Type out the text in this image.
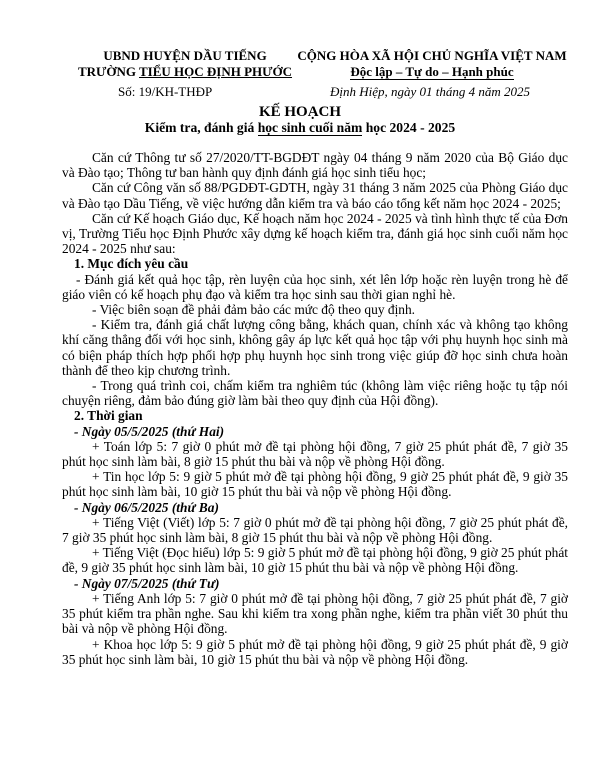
UBND HUYỆN DẦU TIẾNG
TRƯỜNG TIỂU HỌC ĐỊNH PHƯỚC
CỘNG HÒA XÃ HỘI CHỦ NGHĨA VIỆT NAM
Độc lập – Tự do – Hạnh phúc
Số: 19/KH-THĐP	Định Hiệp, ngày 01 tháng 4 năm 2025
KẾ HOẠCH
Kiểm tra, đánh giá học sinh cuối năm học 2024 - 2025

Căn cứ Thông tư số 27/2020/TT-BGDĐT ngày 04 tháng 9 năm 2020 của Bộ Giáo dục và Đào tạo; Thông tư ban hành quy định đánh giá học sinh tiểu học;

Căn cứ Công văn số 88/PGDĐT-GDTH, ngày 31 tháng 3 năm 2025 của Phòng Giáo dục và Đào tạo Dầu Tiếng, về việc hướng dẫn kiểm tra và báo cáo tổng kết năm học 2024 - 2025;

Căn cứ Kế hoạch Giáo dục, Kế hoạch năm học 2024 - 2025 và tình hình thực tế của Đơn vị, Trường Tiểu học Định Phước xây dựng kế hoạch kiểm tra, đánh giá học sinh cuối năm học 2024 - 2025 như sau:

1. Mục đích yêu cầu

- Đánh giá kết quả học tập, rèn luyện của học sinh, xét lên lớp hoặc rèn luyện trong hè để giáo viên có kế hoạch phụ đạo và kiểm tra học sinh sau thời gian nghỉ hè.

- Việc biên soạn đề phải đảm bảo các mức độ theo quy định.

- Kiểm tra, đánh giá chất lượng công bằng, khách quan, chính xác và không tạo không khí căng thẳng đối với học sinh, không gây áp lực kết quả học tập với phụ huynh học sinh mà có biện pháp thích hợp phối hợp phụ huynh học sinh trong việc giúp đỡ học sinh chưa hoàn thành để theo kịp chương trình.

- Trong quá trình coi, chấm kiểm tra nghiêm túc (không làm việc riêng hoặc tụ tập nói chuyện riêng, đảm bảo đúng giờ làm bài theo quy định của Hội đồng).

2. Thời gian

- Ngày 05/5/2025 (thứ Hai)

+ Toán lớp 5: 7 giờ 0 phút mở đề tại phòng hội đồng, 7 giờ 25 phút phát đề, 7 giờ 35 phút học sinh làm bài, 8 giờ 15 phút thu bài và nộp về phòng Hội đồng.

+ Tin học lớp 5: 9 giờ 5 phút mở đề tại phòng hội đồng, 9 giờ 25 phút phát đề, 9 giờ 35 phút học sinh làm bài, 10 giờ 15 phút thu bài và nộp về phòng Hội đồng.

- Ngày 06/5/2025 (thứ Ba)

+ Tiếng Việt (Viết) lớp 5: 7 giờ 0 phút mở đề tại phòng hội đồng, 7 giờ 25 phút phát đề, 7 giờ 35 phút học sinh làm bài, 8 giờ 15 phút thu bài và nộp về phòng Hội đồng.

+ Tiếng Việt (Đọc hiểu) lớp 5: 9 giờ 5 phút mở đề tại phòng hội đồng, 9 giờ 25 phút phát đề, 9 giờ 35 phút học sinh làm bài, 10 giờ 15 phút thu bài và nộp về phòng Hội đồng.

- Ngày 07/5/2025 (thứ Tư)

+ Tiếng Anh lớp 5: 7 giờ 0 phút mở đề tại phòng hội đồng, 7 giờ 25 phút phát đề, 7 giờ 35 phút kiểm tra phần nghe. Sau khi kiểm tra xong phần nghe, kiểm tra phần viết 30 phút thu bài và nộp về phòng Hội đồng.

+ Khoa học lớp 5: 9 giờ 5 phút mở đề tại phòng hội đồng, 9 giờ 25 phút phát đề, 9 giờ 35 phút học sinh làm bài, 10 giờ 15 phút thu bài và nộp về phòng Hội đồng.
